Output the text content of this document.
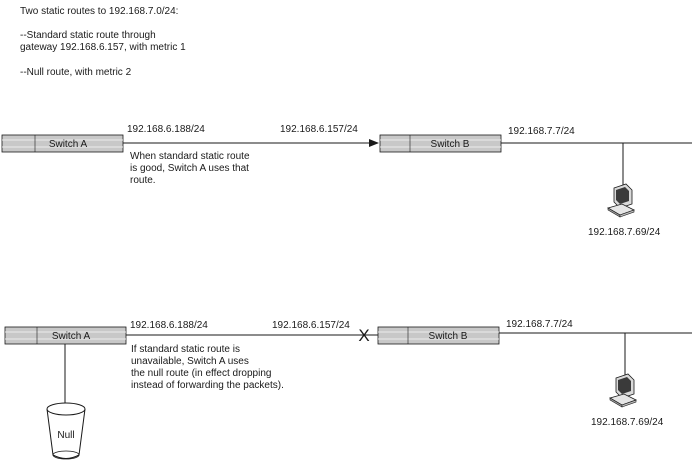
Two static routes to 192.168.7.0/24:
--Standard static route through
gateway 192.168.6.157, with metric 1
--Null route, with metric 2
Switch A	Switch B
Switch A	X	Switch B
Null
192.168.6.188/24	192.168.6.157/24	192.168.7.7/24
When standard static route
is good, Switch A uses that
route.
192.168.7.69/24
192.168.6.188/24	192.168.6.157/24	192.168.7.7/24
If standard static route is
unavailable, Switch A uses
the null route (in effect dropping
instead of forwarding the packets).
192.168.7.69/24
